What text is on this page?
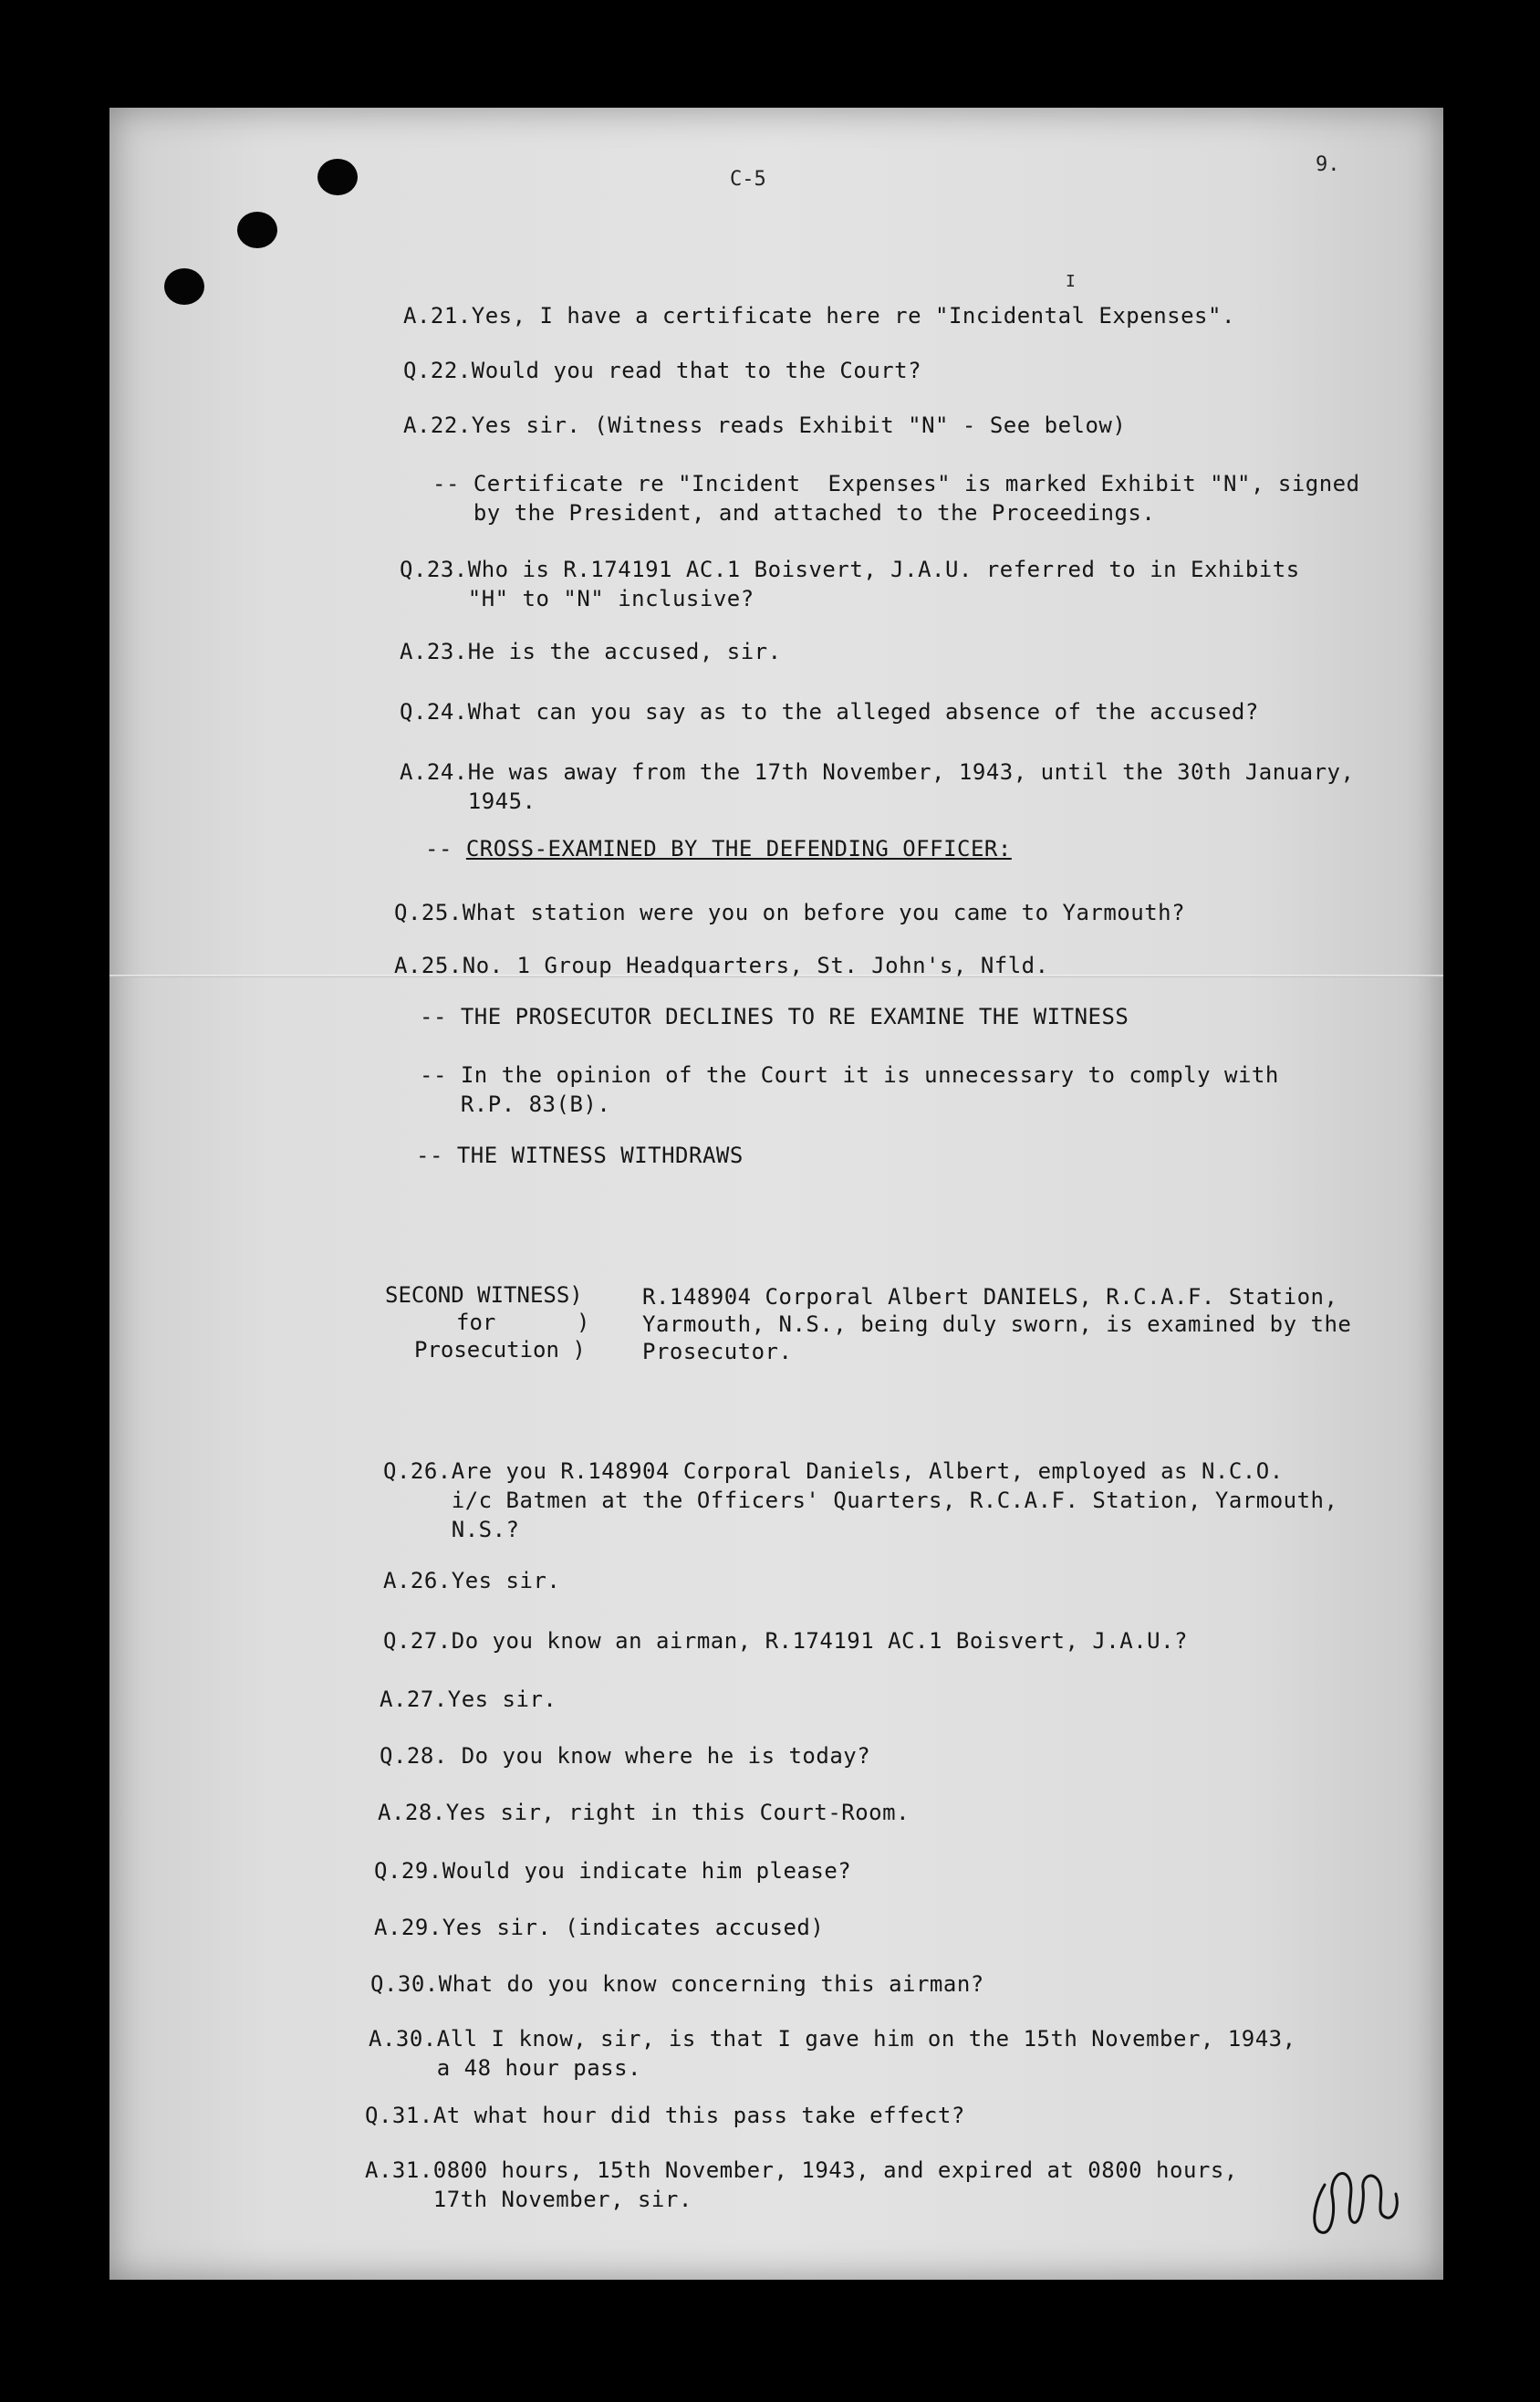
C-5
9.
I
A.21.Yes, I have a certificate here re "Incidental Expenses".
Q.22.Would you read that to the Court?
A.22.Yes sir. (Witness reads Exhibit "N" - See below)
-- Certificate re "Incident  Expenses" is marked Exhibit "N", signed
by the President, and attached to the Proceedings.
Q.23.Who is R.174191 AC.1 Boisvert, J.A.U. referred to in Exhibits
"H" to "N" inclusive?
A.23.He is the accused, sir.
Q.24.What can you say as to the alleged absence of the accused?
A.24.He was away from the 17th November, 1943, until the 30th January,
1945.
-- CROSS-EXAMINED BY THE DEFENDING OFFICER:
Q.25.What station were you on before you came to Yarmouth?
A.25.No. 1 Group Headquarters, St. John's, Nfld.
-- THE PROSECUTOR DECLINES TO RE EXAMINE THE WITNESS
-- In the opinion of the Court it is unnecessary to comply with
R.P. 83(B).
-- THE WITNESS WITHDRAWS
SECOND WITNESS)
for	)
Prosecution )
R.148904 Corporal Albert DANIELS, R.C.A.F. Station,
Yarmouth, N.S., being duly sworn, is examined by the
Prosecutor.
Q.26.Are you R.148904 Corporal Daniels, Albert, employed as N.C.O.
i/c Batmen at the Officers' Quarters, R.C.A.F. Station, Yarmouth,
N.S.?
A.26.Yes sir.
Q.27.Do you know an airman, R.174191 AC.1 Boisvert, J.A.U.?
A.27.Yes sir.
Q.28. Do you know where he is today?
A.28.Yes sir, right in this Court-Room.
Q.29.Would you indicate him please?
A.29.Yes sir. (indicates accused)
Q.30.What do you know concerning this airman?
A.30.All I know, sir, is that I gave him on the 15th November, 1943,
a 48 hour pass.
Q.31.At what hour did this pass take effect?
A.31.0800 hours, 15th November, 1943, and expired at 0800 hours,
17th November, sir.
